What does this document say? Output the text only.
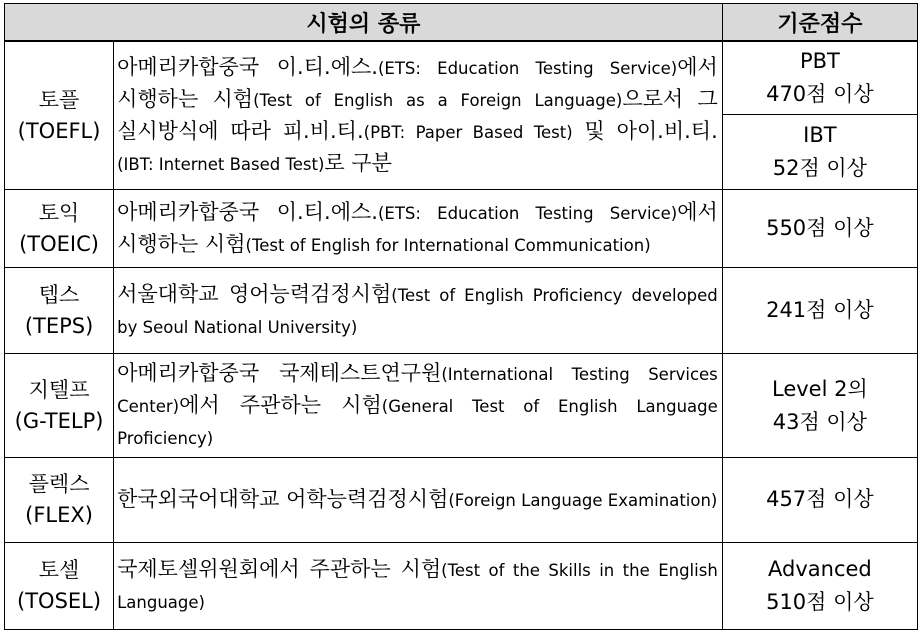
시험의 종류		기준점수

토플
(TOEFL)	아메리카합중국 이.티.에스.(ETS: Education Testing Service)에서 시행하는 시험(Test of English as a Foreign Language)으로서 그 실시방식에 따라 피.비.티.(PBT: Paper Based Test) 및 아이.비.티.(IBT: Internet Based Test)로 구분	PBT
470점 이상

		IBT
52점 이상

토익
(TOEIC)	아메리카합중국 이.티.에스.(ETS: Education Testing Service)에서 시행하는 시험(Test of English for International Communication)	550점 이상

텝스
(TEPS)	서울대학교 영어능력검정시험(Test of English Proficiency developed by Seoul National University)	241점 이상

지텔프
(G-TELP)	아메리카합중국 국제테스트연구원(International Testing Services Center)에서 주관하는 시험(General Test of English Language Proficiency)	Level 2의
43점 이상

플렉스
(FLEX)	한국외국어대학교 어학능력검정시험(Foreign Language Examination)	457점 이상

토셀
(TOSEL)	국제토셀위원회에서 주관하는 시험(Test of the Skills in the English Language)	Advanced
510점 이상
